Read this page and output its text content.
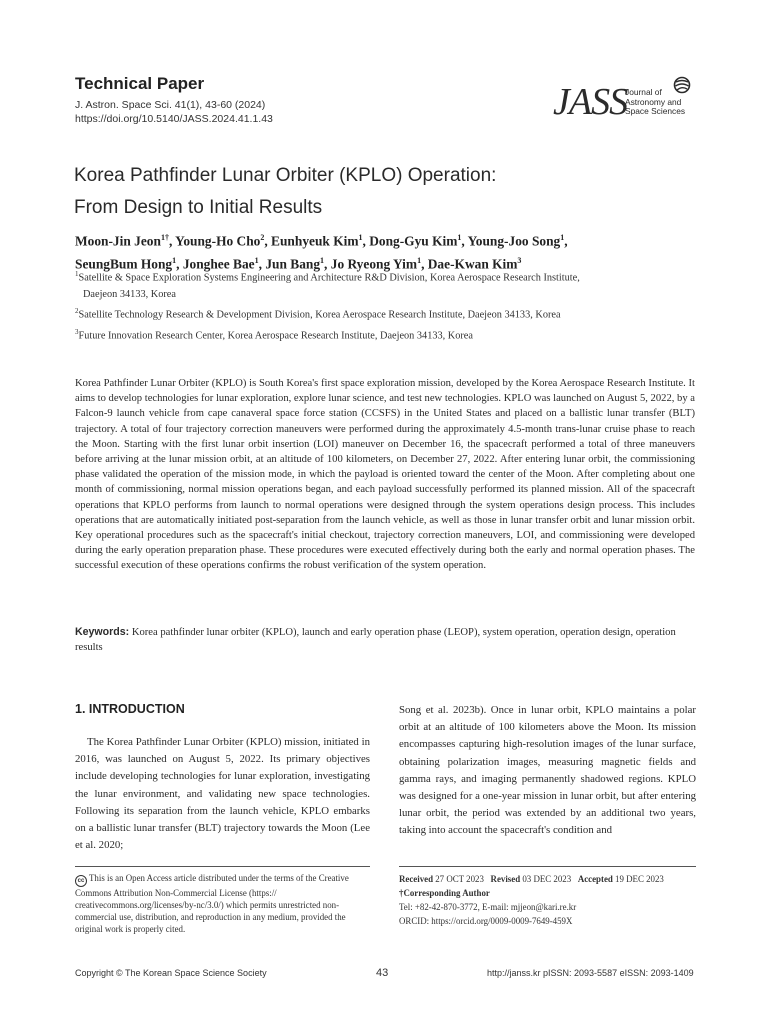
Technical Paper
J. Astron. Space Sci. 41(1), 43-60 (2024)
https://doi.org/10.5140/JASS.2024.41.1.43	JASS
Journal of
Astronomy and
Space Sciences
Korea Pathfinder Lunar Orbiter (KPLO) Operation:
From Design to Initial Results
Moon-Jin Jeon$^{1\dagger}$, Young-Ho Cho$^2$, Eunhyeuk Kim$^1$, Dong-Gyu Kim$^1$, Young-Joo Song$^1$,
SeungBum Hong$^1$, Jonghee Bae$^1$, Jun Bang$^1$, Jo Ryeong Yim$^1$, Dae-Kwan Kim$^3$
$^1$Satellite & Space Exploration Systems Engineering and Architecture R&D Division, Korea Aerospace Research Institute,
Daejeon 34133, Korea
$^2$Satellite Technology Research & Development Division, Korea Aerospace Research Institute, Daejeon 34133, Korea
$^3$Future Innovation Research Center, Korea Aerospace Research Institute, Daejeon 34133, Korea
Korea Pathfinder Lunar Orbiter (KPLO) is South Korea's first space exploration mission, developed by the Korea Aerospace Research Institute. It aims to develop technologies for lunar exploration, explore lunar science, and test new technologies. KPLO was launched on August 5, 2022, by a Falcon-9 launch vehicle from cape canaveral space force station (CCSFS) in the United States and placed on a ballistic lunar transfer (BLT) trajectory. A total of four trajectory correction maneuvers were performed during the approximately 4.5-month trans-lunar cruise phase to reach the Moon. Starting with the first lunar orbit insertion (LOI) maneuver on December 16, the spacecraft performed a total of three maneuvers before arriving at the lunar mission orbit, at an altitude of 100 kilometers, on December 27, 2022. After entering lunar orbit, the commissioning phase validated the operation of the mission mode, in which the payload is oriented toward the center of the Moon. After completing about one month of commissioning, normal mission operations began, and each payload successfully performed its planned mission. All of the spacecraft operations that KPLO performs from launch to normal operations were designed through the system operations design process. This includes operations that are automatically initiated post-separation from the launch vehicle, as well as those in lunar transfer orbit and lunar mission orbit. Key operational procedures such as the spacecraft's initial checkout, trajectory correction maneuvers, LOI, and commissioning were developed during the early operation preparation phase. These procedures were executed effectively during both the early and normal operation phases. The successful execution of these operations confirms the robust verification of the system operation.
Keywords: Korea pathfinder lunar orbiter (KPLO), launch and early operation phase (LEOP), system operation, operation design, operation results
1. INTRODUCTION
The Korea Pathfinder Lunar Orbiter (KPLO) mission, initiated in 2016, was launched on August 5, 2022. Its primary objectives include developing technologies for lunar exploration, investigating the lunar environment, and validating new space technologies. Following its separation from the launch vehicle, KPLO embarks on a ballistic lunar transfer (BLT) trajectory towards the Moon (Lee et al. 2020;
Song et al. 2023b). Once in lunar orbit, KPLO maintains a polar orbit at an altitude of 100 kilometers above the Moon. Its mission encompasses capturing high-resolution images of the lunar surface, obtaining polarization images, measuring magnetic fields and gamma rays, and imaging permanently shadowed regions. KPLO was designed for a one-year mission in lunar orbit, but after entering lunar orbit, the period was extended by an additional two years, taking into account the spacecraft's condition and
cc This is an Open Access article distributed under the terms of the Creative Commons Attribution Non-Commercial License (https:// creativecommons.org/licenses/by-nc/3.0/) which permits unrestricted non-commercial use, distribution, and reproduction in any medium, provided the original work is properly cited.
Received 27 OCT 2023 Revised 03 DEC 2023 Accepted 19 DEC 2023
†Corresponding Author
Tel: +82-42-870-3772, E-mail: mjjeon@kari.re.kr
ORCID: https://orcid.org/0009-0009-7649-459X
Copyright © The Korean Space Science Society	43	http://janss.kr pISSN: 2093-5587 eISSN: 2093-1409
